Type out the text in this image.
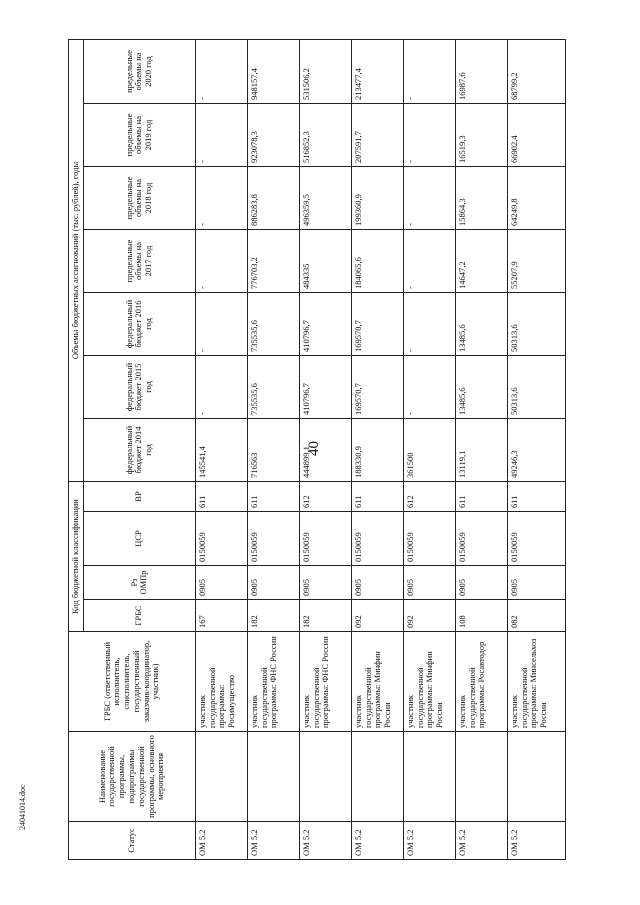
40
24041014.doc
Статус	Наименование государственной программы, подпрограммы государственной программы, основного мероприятия	ГРБС (ответственный исполнитель, соисполнитель, государственный заказчик-координатор, участник)	Код бюджетной классификации				Объемы бюджетных ассигнований (тыс. рублей), годы						
			ГРБС	Рз ОМПр	ЦСР	ВР	федеральный бюджет 2014 год	федеральный бюджет 2015 год	федеральный бюджет 2016 год	предельные объемы на 2017 год	предельные объемы на 2018 год	предельные объемы на 2019 год	предельные объемы на 2020 год
ОМ 5.2		участник государственной программы: Росимущество	167	0905	0150059	611	145541,4	-	-	-	-	-	-
ОМ 5.2		участник государственной программы: ФНС России	182	0905	0150059	611	716563	735535,6	735535,6	776703,2	886283,8	923078,3	948157,4
ОМ 5.2		участник государственной программы: ФНС России	182	0905	0150059	612	444899,1	410796,7	410796,7	484335	496359,5	516852,3	531506,2
ОМ 5.2		участник государственной программы: Минфин России	092	0905	0150059	611	188330,9	169570,7	169570,7	184065,6	199360,9	207591,7	213477,4
ОМ 5.2		участник государственной программы: Минфин России	092	0905	0150059	612	361500	-	-	-	-	-	-
ОМ 5.2		участник государственной программы: Росавтодор	108	0905	0150059	611	13119,1	13485,6	13485,6	14647,2	15864,3	16519,3	16987,6
ОМ 5.2		участник государственной программы: Минсельхоз России	082	0905	0150059	611	49246,3	50313,6	50313,6	55207,9	64249,8	66902,4	68799,2
